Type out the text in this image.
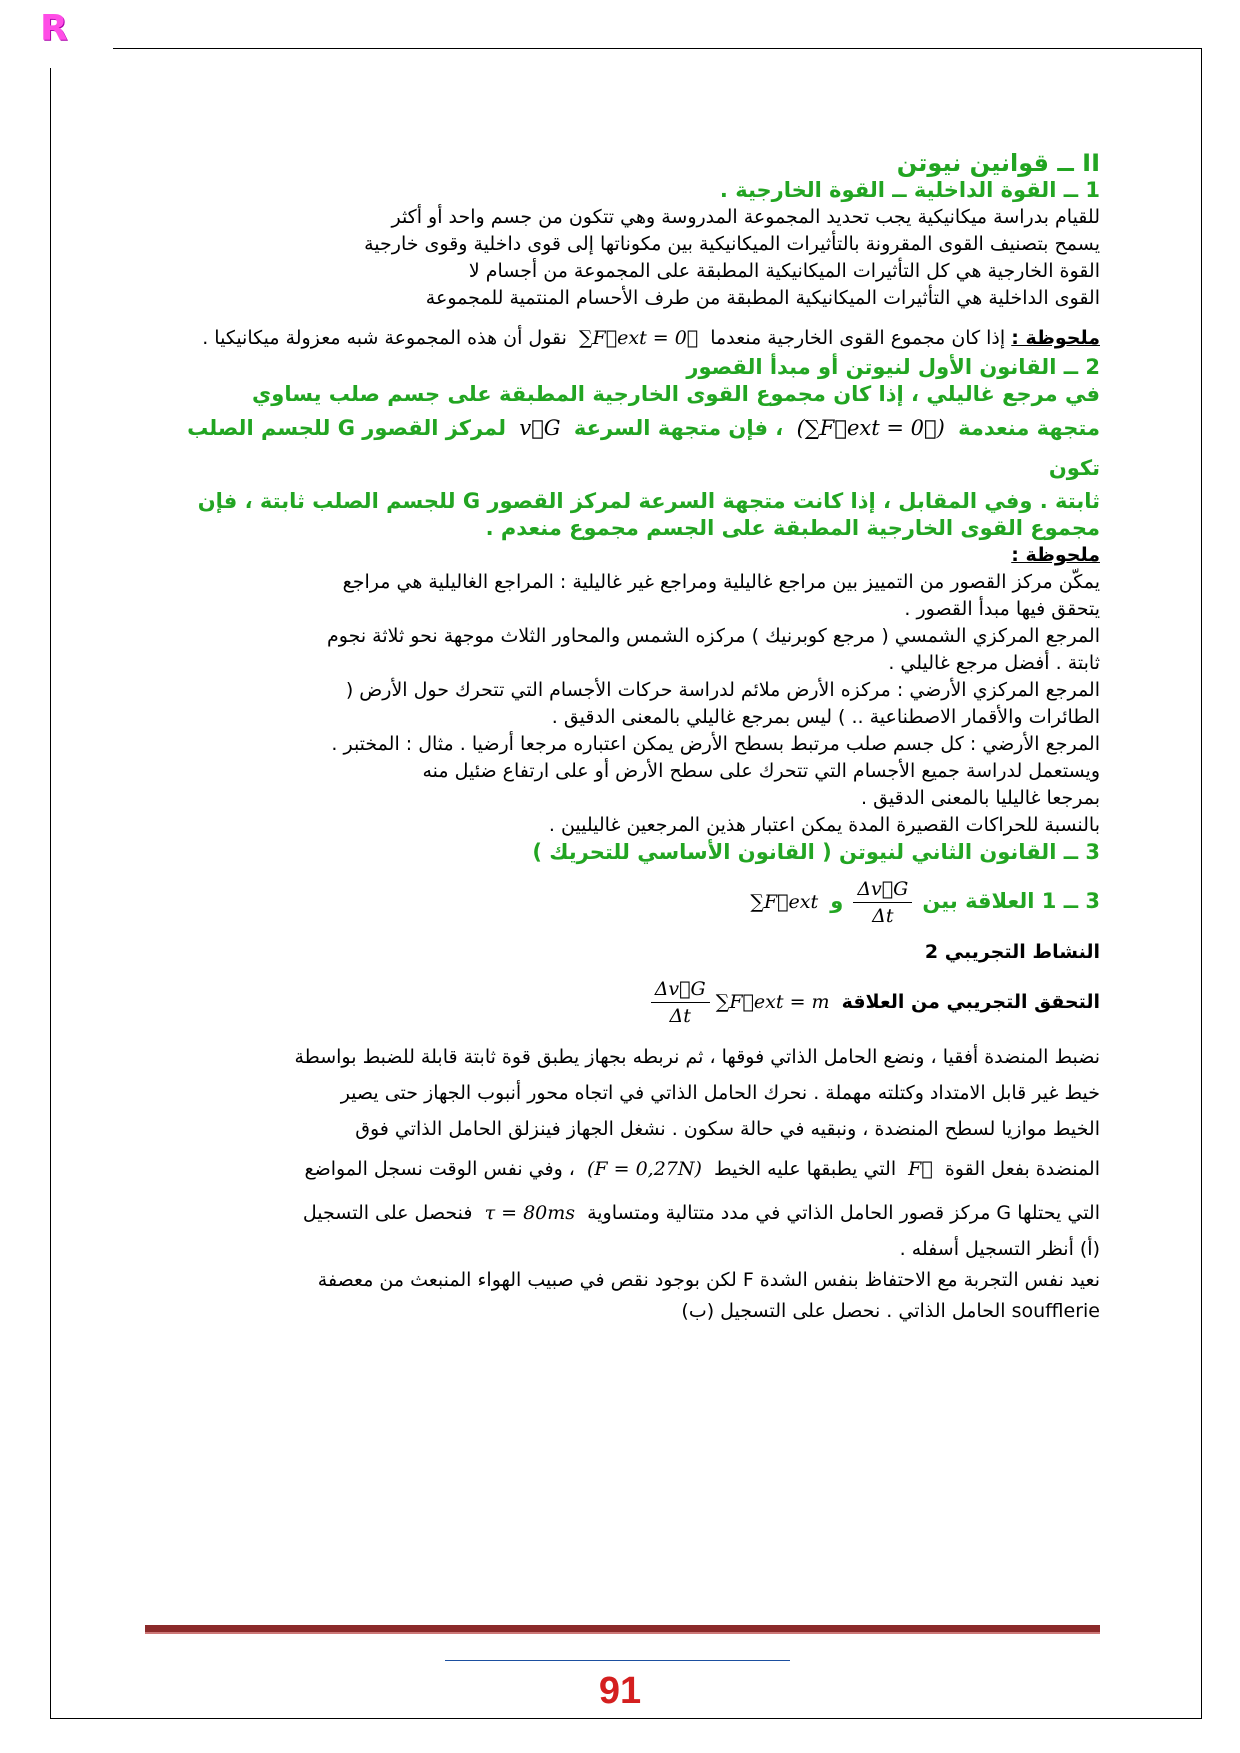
R

II ــ قوانين نيوتن

1 ــ القوة الداخلية ــ القوة الخارجية .

للقيام بدراسة ميكانيكية يجب تحديد المجموعة المدروسة وهي تتكون من جسم واحد أو أكثر

يسمح بتصنيف القوى المقرونة بالتأثيرات الميكانيكية بين مكوناتها إلى قوى داخلية وقوى خارجية

القوة الخارجية هي كل التأثيرات الميكانيكية المطبقة على المجموعة من أجسام لا

القوى الداخلية هي التأثيرات الميكانيكية المطبقة من طرف الأحسام المنتمية للمجموعة

ملحوظة : إذا كان مجموع القوى الخارجية منعدما ∑F⃗ext = 0⃗ نقول أن هذه المجموعة شبه معزولة ميكانيكيا .

2 ــ القانون الأول لنيوتن أو مبدأ القصور

في مرجع غاليلي ، إذا كان مجموع القوى الخارجية المطبقة على جسم صلب يساوي

متجهة منعدمة (∑F⃗ext = 0⃗) ، فإن متجهة السرعة v⃗G لمركز القصور G للجسم الصلب تكون

ثابتة . وفي المقابل ، إذا كانت متجهة السرعة لمركز القصور G للجسم الصلب ثابتة ، فإن

مجموع القوى الخارجية المطبقة على الجسم مجموع منعدم .

ملحوظة :

يمكّن مركز القصور من التمييز بين مراجع غاليلية ومراجع غير غاليلية : المراجع الغاليلية هي مراجع

يتحقق فيها مبدأ القصور .

المرجع المركزي الشمسي ( مرجع كوبرنيك ) مركزه الشمس والمحاور الثلاث موجهة نحو ثلاثة نجوم

ثابتة . أفضل مرجع غاليلي .

المرجع المركزي الأرضي : مركزه الأرض ملائم لدراسة حركات الأجسام التي تتحرك حول الأرض (

الطائرات والأقمار الاصطناعية .. ) ليس بمرجع غاليلي بالمعنى الدقيق .

المرجع الأرضي : كل جسم صلب مرتبط بسطح الأرض يمكن اعتباره مرجعا أرضيا . مثال : المختبر .

ويستعمل لدراسة جميع الأجسام التي تتحرك على سطح الأرض أو على ارتفاع ضئيل منه

بمرجعا غاليليا بالمعنى الدقيق .

بالنسبة للحراكات القصيرة المدة يمكن اعتبار هذين المرجعين غاليليين .

3 ــ القانون الثاني لنيوتن ( القانون الأساسي للتحريك )

3 ــ 1 العلاقة بين
$\frac{\Delta v⃗G}{\Delta t}$
و ∑F⃗ext

النشاط التجريبي 2

التحقق التجريبي من العلاقة ∑F⃗ext = m
$\frac{\Delta v⃗G}{\Delta t}$

نضبط المنضدة أفقيا ، ونضع الحامل الذاتي فوقها ، ثم نربطه بجهاز يطبق قوة ثابتة قابلة للضبط بواسطة

خيط غير قابل الامتداد وكتلته مهملة . نحرك الحامل الذاتي في اتجاه محور أنبوب الجهاز حتى يصير

الخيط موازيا لسطح المنضدة ، ونبقيه في حالة سكون . نشغل الجهاز فينزلق الحامل الذاتي فوق

المنضدة بفعل القوة F⃗ التي يطبقها عليه الخيط (F = 0,27N) ، وفي نفس الوقت نسجل المواضع

التي يحتلها G مركز قصور الحامل الذاتي في مدد متتالية ومتساوية τ = 80ms فنحصل على التسجيل

(أ) أنظر التسجيل أسفله .

نعيد نفس التجربة مع الاحتفاظ بنفس الشدة F لكن بوجود نقص في صبيب الهواء المنبعث من معصفة

soufflerie الحامل الذاتي . نحصل على التسجيل (ب)

91
